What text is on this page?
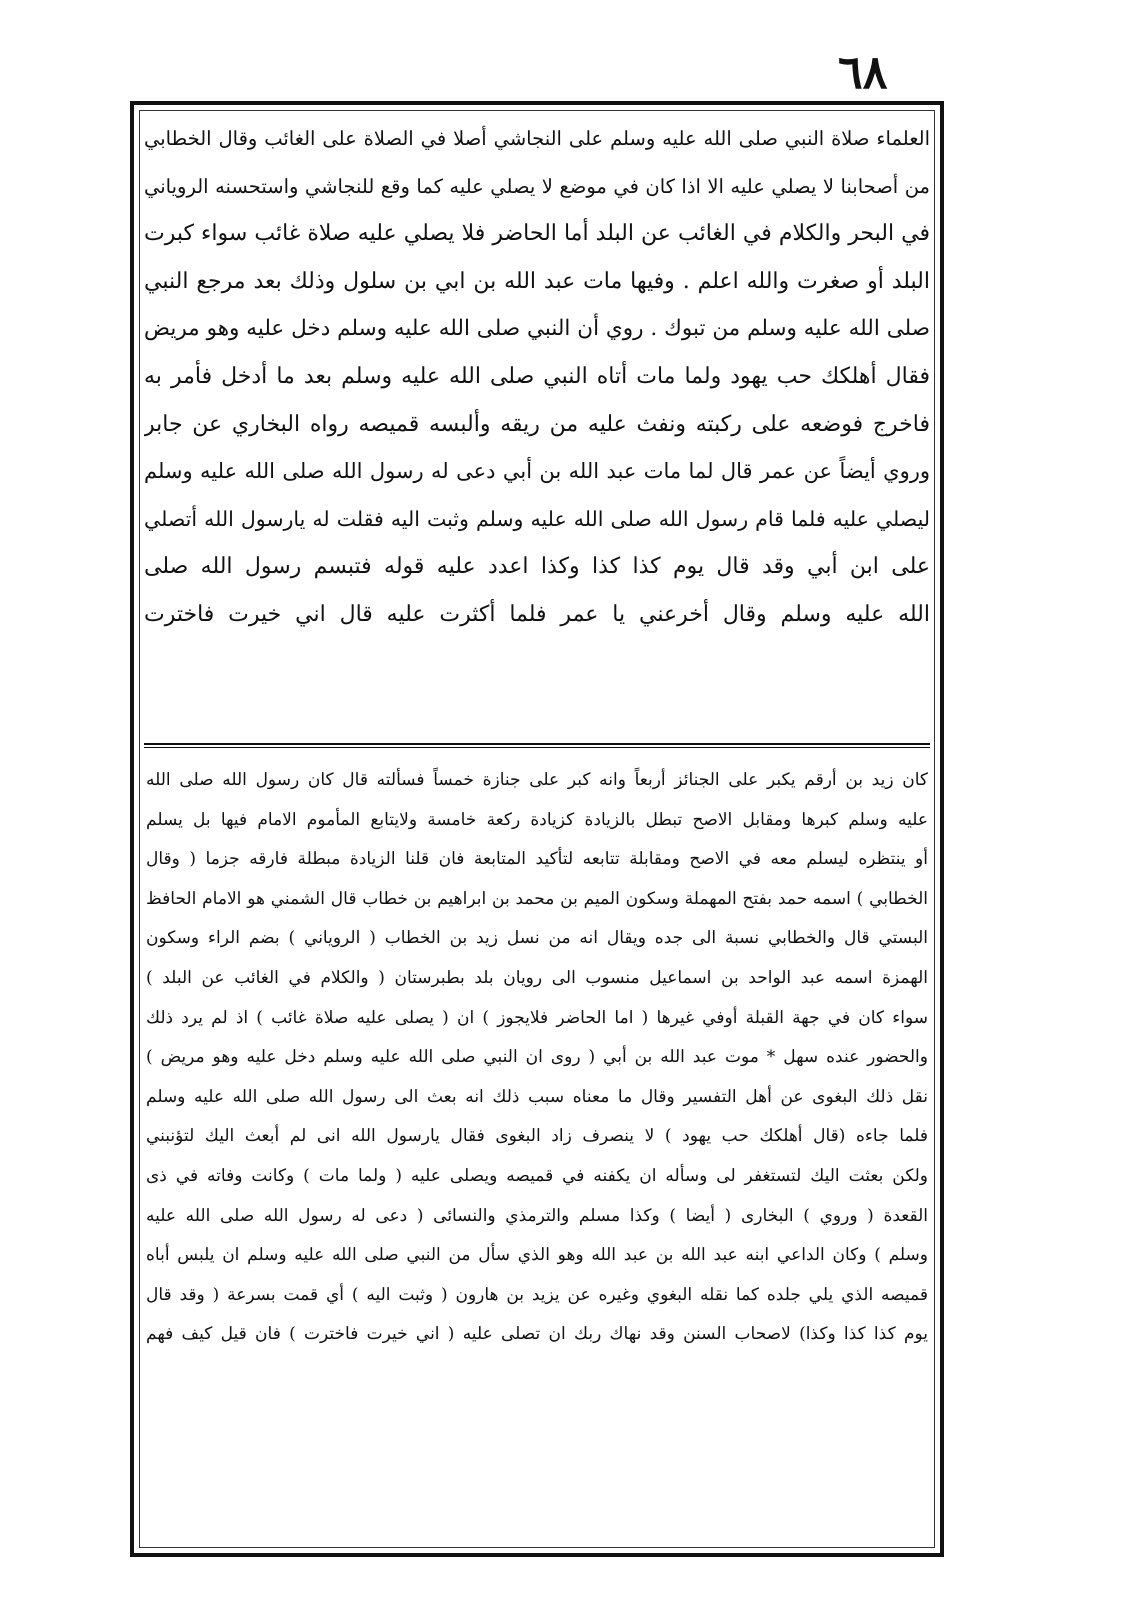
٦٨
العلماء صلاة النبي صلى الله عليه وسلم على النجاشي أصلا في الصلاة على الغائب وقال الخطابي
من أصحابنا لا يصلي عليه الا اذا كان في موضع لا يصلي عليه كما وقع للنجاشي واستحسنه الروياني
في البحر والكلام في الغائب عن البلد أما الحاضر فلا يصلي عليه صلاة غائب سواء كبرت
البلد أو صغرت والله اعلم . وفيها مات عبد الله بن ابي بن سلول وذلك بعد مرجع النبي
صلى الله عليه وسلم من تبوك . روي أن النبي صلى الله عليه وسلم دخل عليه وهو مريض
فقال أهلكك حب يهود ولما مات أتاه النبي صلى الله عليه وسلم بعد ما أدخل فأمر به
فاخرج فوضعه على ركبته ونفث عليه من ريقه وألبسه قميصه رواه البخاري عن جابر
وروي أيضاً عن عمر قال لما مات عبد الله بن أبي دعى له رسول الله صلى الله عليه وسلم
ليصلي عليه فلما قام رسول الله صلى الله عليه وسلم وثبت اليه فقلت له يارسول الله أتصلي
على ابن أبي وقد قال يوم كذا كذا وكذا اعدد عليه قوله فتبسم رسول الله صلى
الله عليه وسلم وقال أخرعني يا عمر فلما أكثرت عليه قال اني خيرت فاخترت
كان زيد بن أرقم يكبر على الجنائز أربعاً وانه كبر على جنازة خمساً فسألته قال كان رسول الله صلى الله
عليه وسلم كبرها ومقابل الاصح تبطل بالزيادة كزيادة ركعة خامسة ولايتابع المأموم الامام فيها بل يسلم
أو ينتظره ليسلم معه في الاصح ومقابلة تتابعه لتأكيد المتابعة فان قلنا الزيادة مبطلة فارقه جزما ( وقال
الخطابي ) اسمه حمد بفتح المهملة وسكون الميم بن محمد بن ابراهيم بن خطاب قال الشمني هو الامام الحافظ
البستي قال والخطابي نسبة الى جده ويقال انه من نسل زيد بن الخطاب ( الروياني ) بضم الراء وسكون
الهمزة اسمه عبد الواحد بن اسماعيل منسوب الى رويان بلد بطبرستان ( والكلام في الغائب عن البلد )
سواء كان في جهة القبلة أوفي غيرها ( اما الحاضر فلايجوز ) ان ( يصلى عليه صلاة غائب ) اذ لم يرد ذلك
والحضور عنده سهل * موت عبد الله بن أبي ( روى ان النبي صلى الله عليه وسلم دخل عليه وهو مريض )
نقل ذلك البغوى عن أهل التفسير وقال ما معناه سبب ذلك انه بعث الى رسول الله صلى الله عليه وسلم
فلما جاءه (قال أهلكك حب يهود ) لا ينصرف زاد البغوى فقال يارسول الله انى لم أبعث اليك لتؤنبني
ولكن بعثت اليك لتستغفر لى وسأله ان يكفنه في قميصه ويصلى عليه ( ولما مات ) وكانت وفاته في ذى
القعدة ( وروي ) البخارى ( أيضا ) وكذا مسلم والترمذي والنسائى ( دعى له رسول الله صلى الله عليه
وسلم ) وكان الداعي ابنه عبد الله بن عبد الله وهو الذي سأل من النبي صلى الله عليه وسلم ان يلبس أباه
قميصه الذي يلي جلده كما نقله البغوي وغيره عن يزيد بن هارون ( وثبت اليه ) أي قمت بسرعة ( وقد قال
يوم كذا كذا وكذا) لاصحاب السنن وقد نهاك ربك ان تصلى عليه ( اني خيرت فاخترت ) فان قيل كيف فهم
